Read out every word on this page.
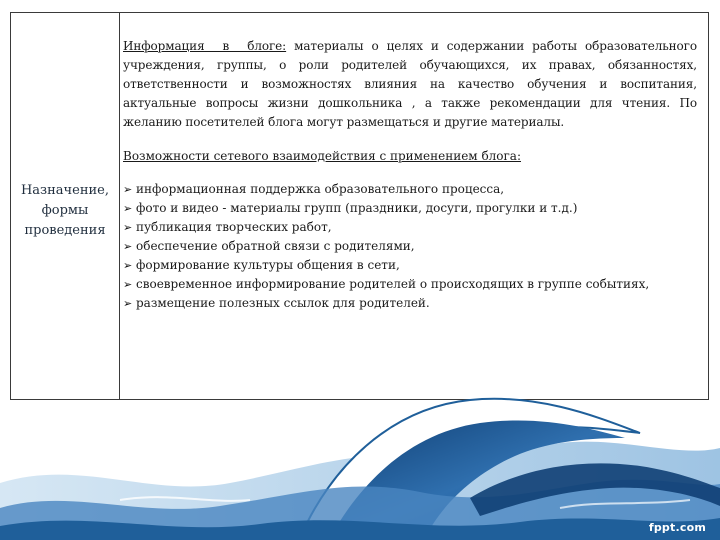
Назначение,
формы
проведения

Информация в блоге: материалы о целях и содержании работы образовательного учреждения, группы, о роли родителей обучающихся, их правах, обязанностях, ответственности и возможностях влияния на качество обучения и воспитания, актуальные вопросы жизни дошкольника , а также рекомендации для чтения. По желанию посетителей блога могут размещаться и другие материалы.

Возможности сетевого взаимодействия с применением блога:
➢ информационная поддержка образовательного процесса,
➢ фото и видео - материалы групп (праздники, досуги, прогулки и т.д.)
➢ публикация творческих работ,
➢ обеспечение обратной связи с родителями,
➢ формирование культуры общения в сети,
➢ своевременное информирование родителей о происходящих в группе событиях,
➢ размещение полезных ссылок для родителей.
fppt.com
